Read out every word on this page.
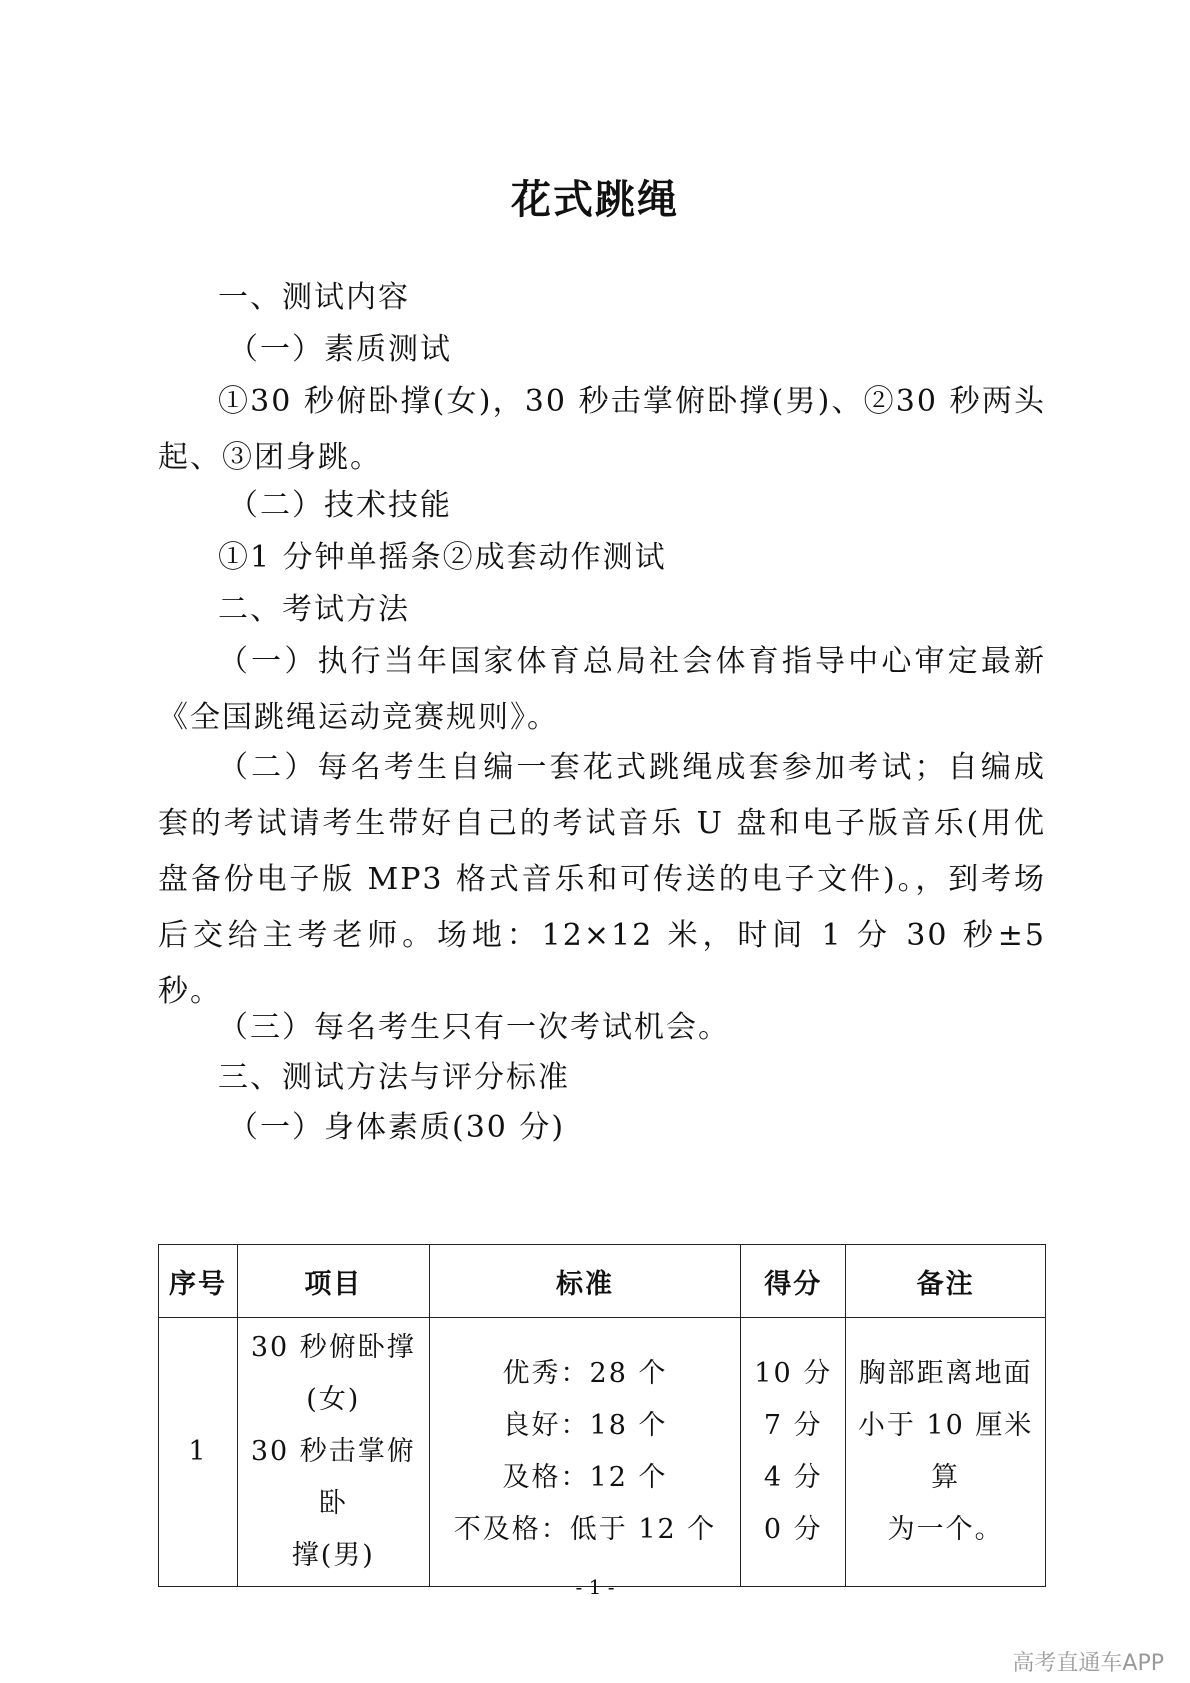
花式跳绳
一、测试内容
（一）素质测试
①30 秒俯卧撑(女)，30 秒击掌俯卧撑(男)、②30 秒两头起、③团身跳。
（二）技术技能
①1 分钟单摇条②成套动作测试
二、考试方法
（一）执行当年国家体育总局社会体育指导中心审定最新《全国跳绳运动竞赛规则》。
（二）每名考生自编一套花式跳绳成套参加考试；自编成套的考试请考生带好自己的考试音乐 U 盘和电子版音乐(用优盘备份电子版 MP3 格式音乐和可传送的电子文件)。，到考场后交给主考老师。场地：12×12 米，时间 1 分 30 秒±5 秒。
（三）每名考生只有一次考试机会。
三、测试方法与评分标准
（一）身体素质(30 分)
序号	项目	标准	得分	备注
1	30 秒俯卧撑
(女)
30 秒击掌俯卧
撑(男)	优秀：28 个
良好：18 个
及格：12 个
不及格：低于 12 个	10 分
7 分
4 分
0 分	胸部距离地面
小于 10 厘米算
为一个。
- 1 -
高考直通车APP
